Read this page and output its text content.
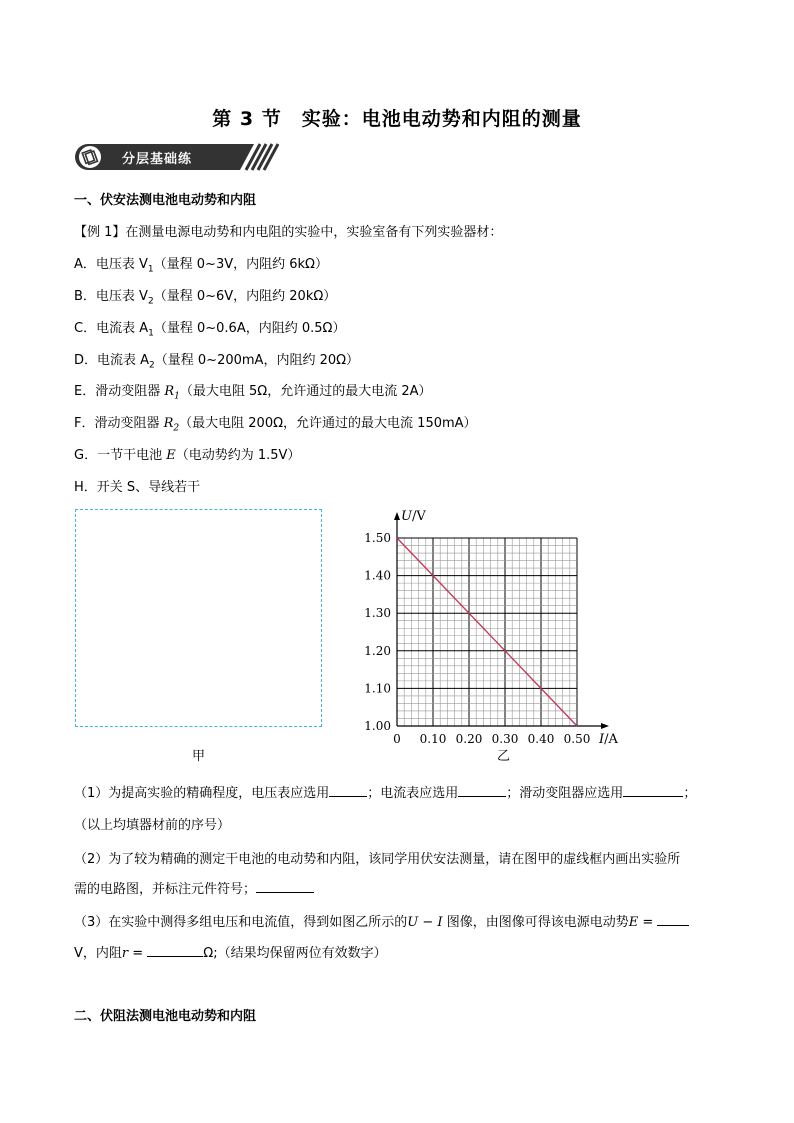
第 3 节　实验：电池电动势和内阻的测量
分层基础练
一、伏安法测电池电动势和内阻
【例 1】在测量电源电动势和内电阻的实验中，实验室备有下列实验器材：
A．电压表 $V_1$（量程 0~3V，内阻约 6kΩ）
B．电压表 $V_2$（量程 0~6V，内阻约 20kΩ）
C．电流表 $A_1$（量程 0~0.6A，内阻约 0.5Ω）
D．电流表 $A_2$（量程 0~200mA，内阻约 20Ω）
E．滑动变阻器 $R_1$（最大电阻 5Ω，允许通过的最大电流 2A）
F．滑动变阻器 $R_2$（最大电阻 200Ω，允许通过的最大电流 150mA）
G．一节干电池 E（电动势约为 1.5V）
H．开关 S、导线若干
甲
0 0.10 0.20 0.30 0.40 0.50
1.00
1.10
1.20
1.30
1.40
1.50
I/A
U/V
乙
（1）为提高实验的精确程度，电压表应选用	；电流表应选用	；滑动变阻器应选用	；
（以上均填器材前的序号）
（2）为了较为精确的测定干电池的电动势和内阻，该同学用伏安法测量，请在图甲的虚线框内画出实验所
需的电路图，并标注元件符号；
（3）在实验中测得多组电压和电流值，得到如图乙所示的U − I 图像，由图像可得该电源电动势E =
V，内阻r =	Ω;（结果均保留两位有效数字）
二、伏阻法测电池电动势和内阻
